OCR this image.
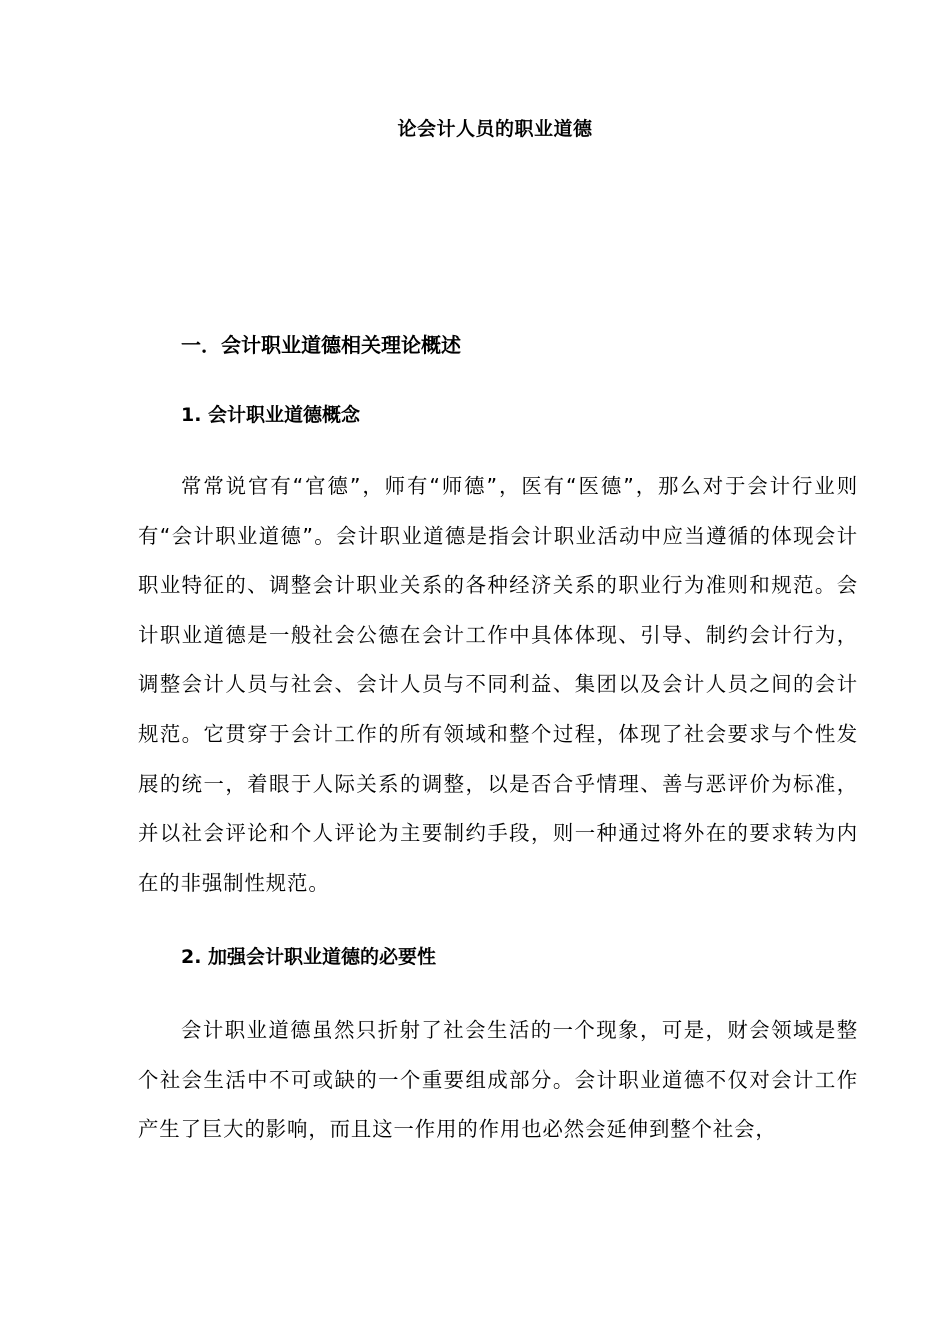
论会计人员的职业道德
一．会计职业道德相关理论概述
1. 会计职业道德概念

常常说官有“官德”，师有“师德”，医有“医德”，那么对于会计行业则有“会计职业道德”。会计职业道德是指会计职业活动中应当遵循的体现会计职业特征的、调整会计职业关系的各种经济关系的职业行为准则和规范。会计职业道德是一般社会公德在会计工作中具体体现、引导、制约会计行为，调整会计人员与社会、会计人员与不同利益、集团以及会计人员之间的会计规范。它贯穿于会计工作的所有领域和整个过程，体现了社会要求与个性发展的统一，着眼于人际关系的调整，以是否合乎情理、善与恶评价为标准，并以社会评论和个人评论为主要制约手段，则一种通过将外在的要求转为内在的非强制性规范。

2. 加强会计职业道德的必要性

会计职业道德虽然只折射了社会生活的一个现象，可是，财会领域是整个社会生活中不可或缺的一个重要组成部分。会计职业道德不仅对会计工作产生了巨大的影响，而且这一作用的作用也必然会延伸到整个社会，
